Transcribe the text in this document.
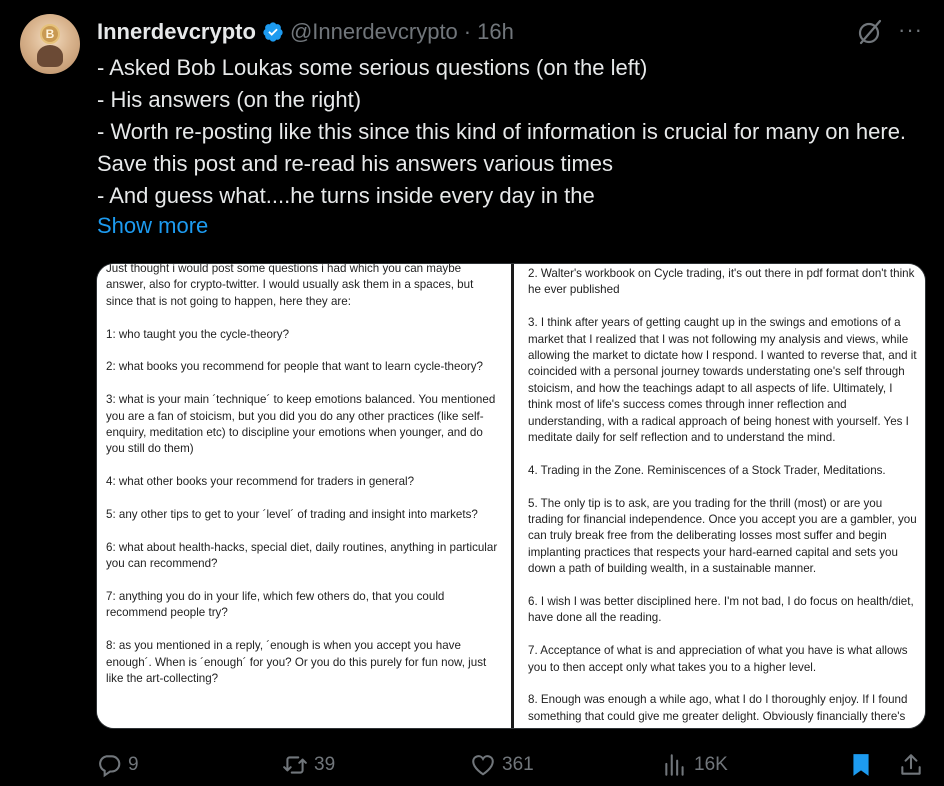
B Innerdevcrypto @Innerdevcrypto · 16h	···

- Asked Bob Loukas some serious questions (on the left)

- His answers (on the right)

- Worth re-posting like this since this kind of information is crucial for many on here. Save this post and re-read his answers various times

- And guess what....he turns inside every day in the

Show more

Just thought i would post some questions i had which you can maybe answer, also for crypto-twitter. I would usually ask them in a spaces, but since that is not going to happen, here they are:

1: who taught you the cycle-theory?

2: what books you recommend for people that want to learn cycle-theory?

3: what is your main ´technique´ to keep emotions balanced. You mentioned you are a fan of stoicism, but you did you do any other practices (like self-enquiry, meditation etc) to discipline your emotions when younger, and do you still do them)

4: what other books your recommend for traders in general?

5: any other tips to get to your ´level´ of trading and insight into markets?

6: what about health-hacks, special diet, daily routines, anything in particular you can recommend?

7: anything you do in your life, which few others do, that you could recommend people try?

8: as you mentioned in a reply, ´enough is when you accept you have enough´. When is ´enough´ for you? Or you do this purely for fun now, just like the art-collecting?

2. Walter's workbook on Cycle trading, it's out there in pdf format don't think he ever published

3. I think after years of getting caught up in the swings and emotions of a market that I realized that I was not following my analysis and views, while allowing the market to dictate how I respond. I wanted to reverse that, and it coincided with a personal journey towards understating one's self through stoicism, and how the teachings adapt to all aspects of life. Ultimately, I think most of life's success comes through inner reflection and understanding, with a radical approach of being honest with yourself. Yes I meditate daily for self reflection and to understand the mind.

4. Trading in the Zone. Reminiscences of a Stock Trader, Meditations.

5. The only tip is to ask, are you trading for the thrill (most) or are you trading for financial independence. Once you accept you are a gambler, you can truly break free from the deliberating losses most suffer and begin implanting practices that respects your hard-earned capital and sets you down a path of building wealth, in a sustainable manner.

6. I wish I was better disciplined here. I'm not bad, I do focus on health/diet, have done all the reading.

7. Acceptance of what is and appreciation of what you have is what allows you to then accept only what takes you to a higher level.

8. Enough was enough a while ago, what I do I thoroughly enjoy. If I found something that could give me greater delight. Obviously financially there's

9	39	361	16K
